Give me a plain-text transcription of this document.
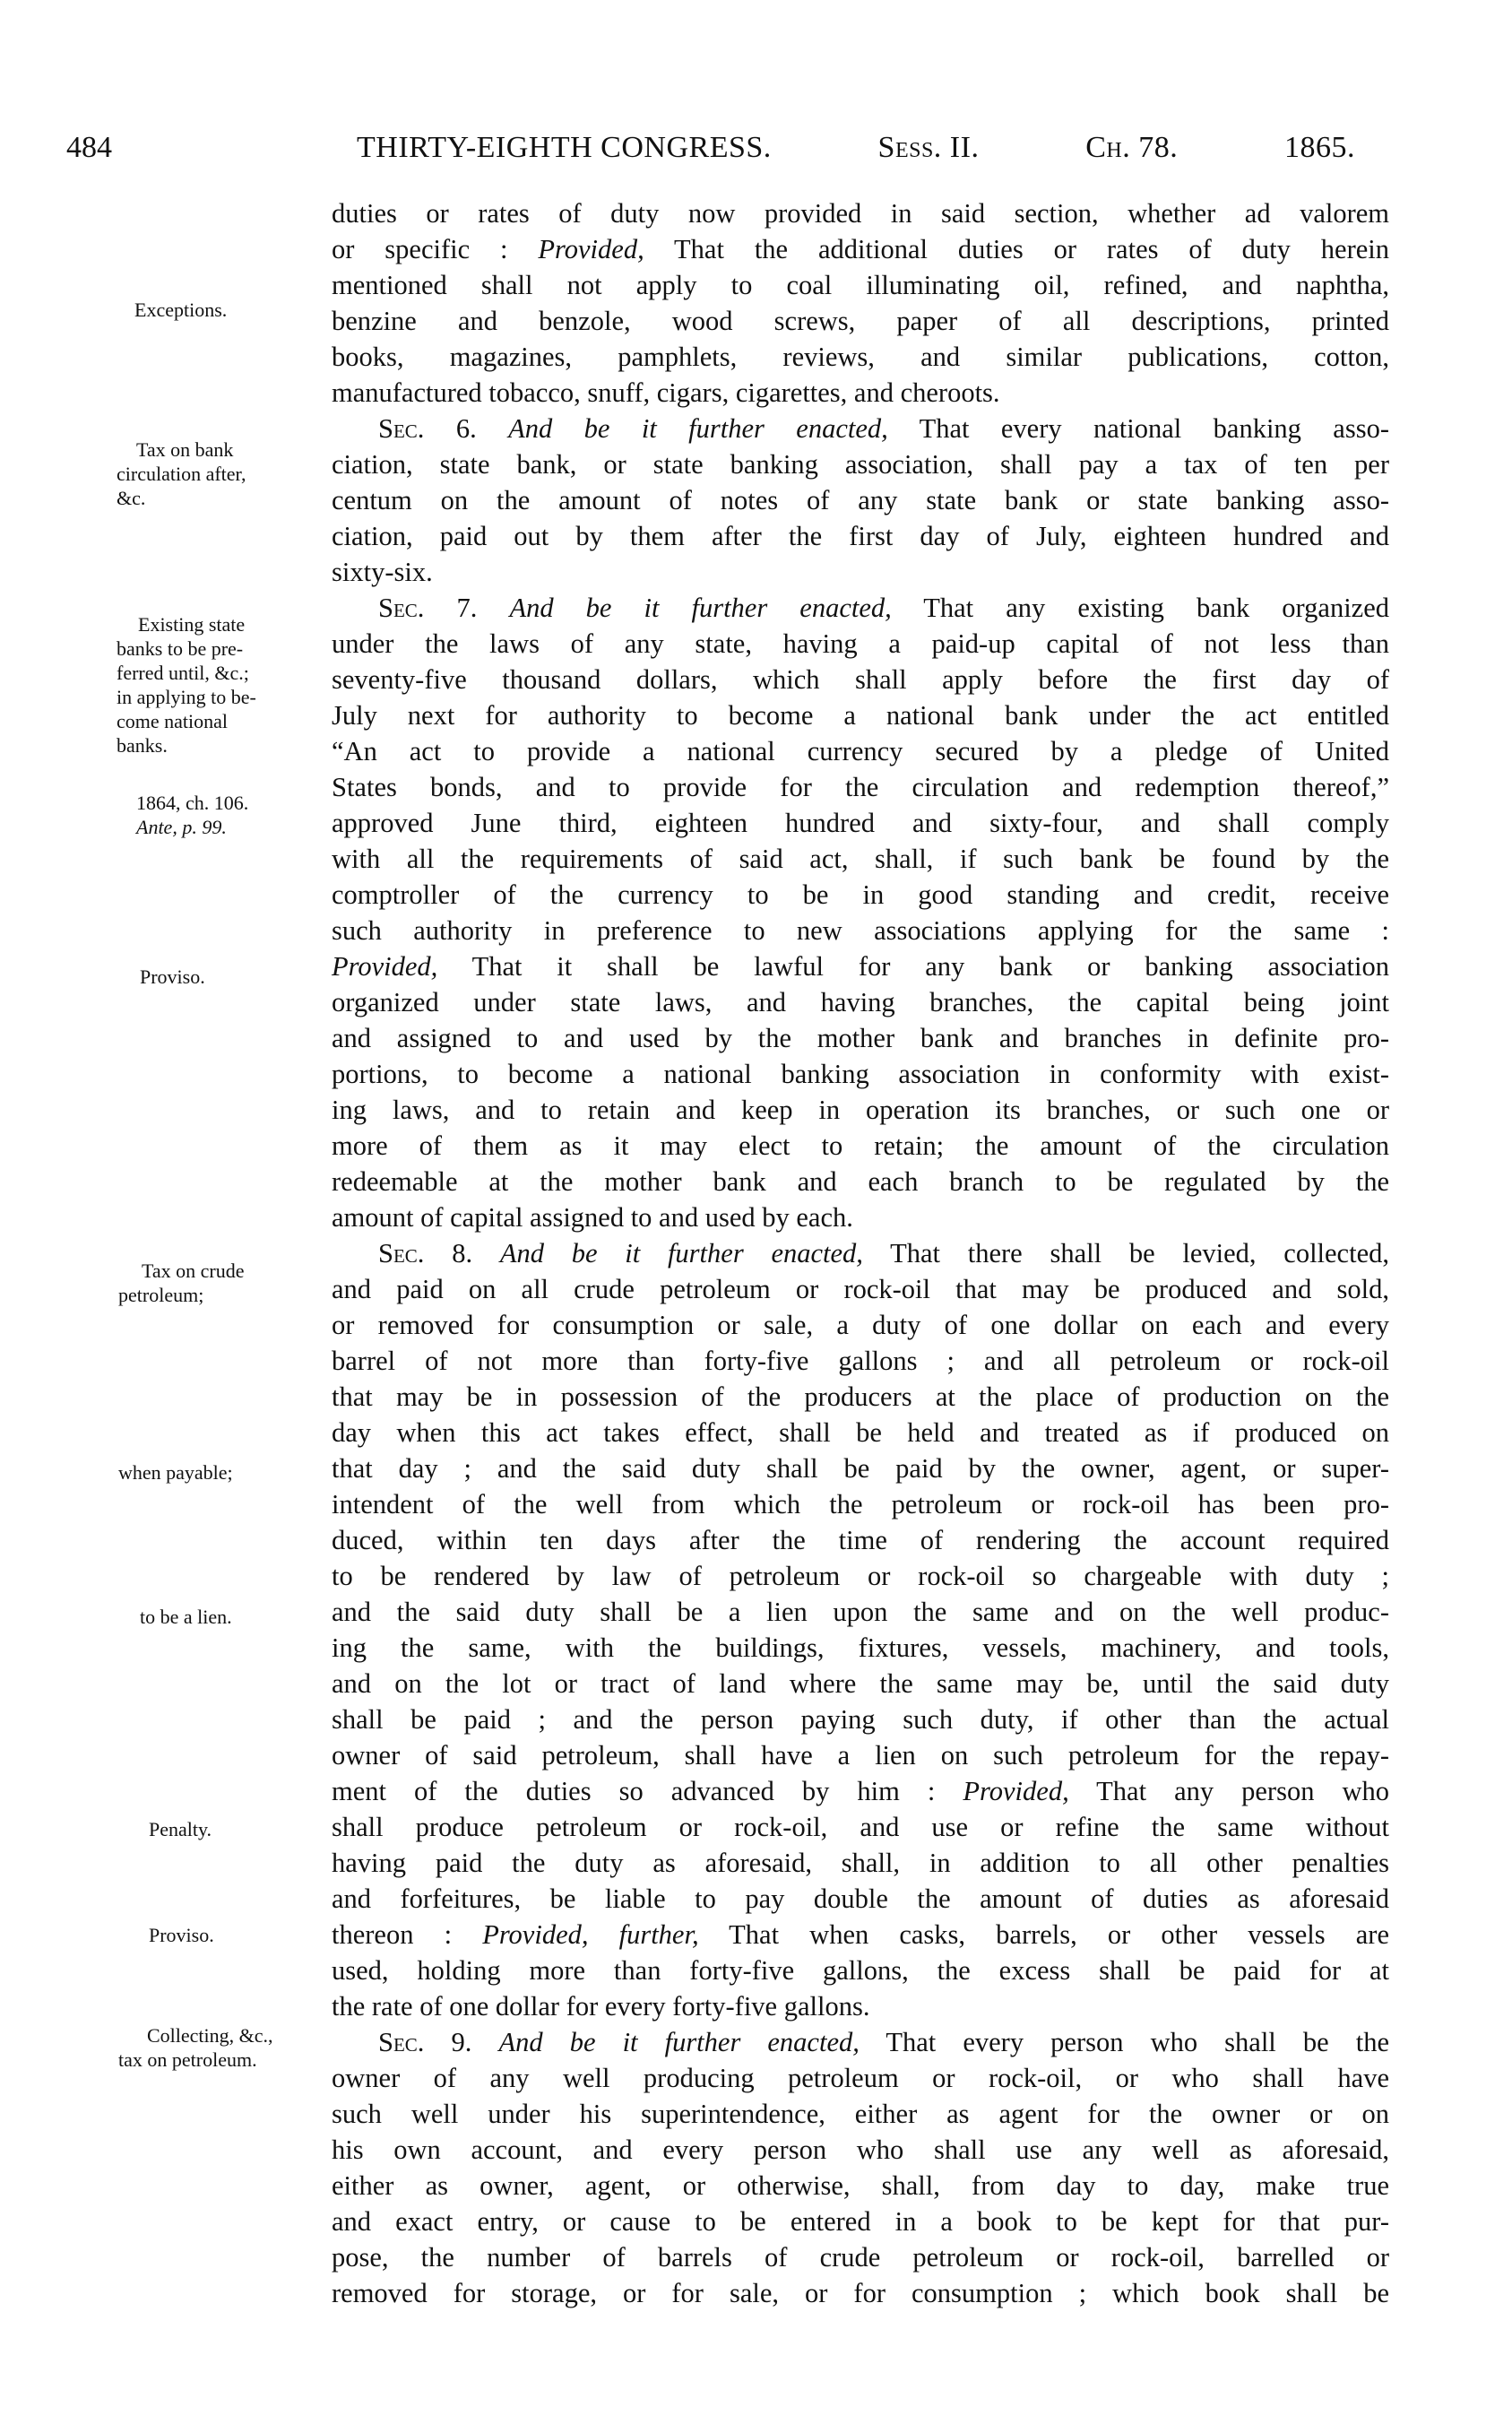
484	THIRTY-EIGHTH CONGRESS.	Sess. II.	Ch. 78.	1865.
duties or rates of duty now provided in said section, whether ad valorem
or specific : Provided, That the additional duties or rates of duty herein
mentioned shall not apply to coal illuminating oil, refined, and naphtha,
benzine and benzole, wood screws, paper of all descriptions, printed
books, magazines, pamphlets, reviews, and similar publications, cotton,
manufactured tobacco, snuff, cigars, cigarettes, and cheroots.
Sec. 6. And be it further enacted, That every national banking asso-
ciation, state bank, or state banking association, shall pay a tax of ten per
centum on the amount of notes of any state bank or state banking asso-
ciation, paid out by them after the first day of July, eighteen hundred and
sixty-six.
Sec. 7. And be it further enacted, That any existing bank organized
under the laws of any state, having a paid-up capital of not less than
seventy-five thousand dollars, which shall apply before the first day of
July next for authority to become a national bank under the act entitled
“An act to provide a national currency secured by a pledge of United
States bonds, and to provide for the circulation and redemption thereof,”
approved June third, eighteen hundred and sixty-four, and shall comply
with all the requirements of said act, shall, if such bank be found by the
comptroller of the currency to be in good standing and credit, receive
such authority in preference to new associations applying for the same :
Provided, That it shall be lawful for any bank or banking association
organized under state laws, and having branches, the capital being joint
and assigned to and used by the mother bank and branches in definite pro-
portions, to become a national banking association in conformity with exist-
ing laws, and to retain and keep in operation its branches, or such one or
more of them as it may elect to retain; the amount of the circulation
redeemable at the mother bank and each branch to be regulated by the
amount of capital assigned to and used by each.
Sec. 8. And be it further enacted, That there shall be levied, collected,
and paid on all crude petroleum or rock-oil that may be produced and sold,
or removed for consumption or sale, a duty of one dollar on each and every
barrel of not more than forty-five gallons ; and all petroleum or rock-oil
that may be in possession of the producers at the place of production on the
day when this act takes effect, shall be held and treated as if produced on
that day ; and the said duty shall be paid by the owner, agent, or super-
intendent of the well from which the petroleum or rock-oil has been pro-
duced, within ten days after the time of rendering the account required
to be rendered by law of petroleum or rock-oil so chargeable with duty ;
and the said duty shall be a lien upon the same and on the well produc-
ing the same, with the buildings, fixtures, vessels, machinery, and tools,
and on the lot or tract of land where the same may be, until the said duty
shall be paid ; and the person paying such duty, if other than the actual
owner of said petroleum, shall have a lien on such petroleum for the repay-
ment of the duties so advanced by him : Provided, That any person who
shall produce petroleum or rock-oil, and use or refine the same without
having paid the duty as aforesaid, shall, in addition to all other penalties
and forfeitures, be liable to pay double the amount of duties as aforesaid
thereon : Provided, further, That when casks, barrels, or other vessels are
used, holding more than forty-five gallons, the excess shall be paid for at
the rate of one dollar for every forty-five gallons.
Sec. 9. And be it further enacted, That every person who shall be the
owner of any well producing petroleum or rock-oil, or who shall have
such well under his superintendence, either as agent for the owner or on
his own account, and every person who shall use any well as aforesaid,
either as owner, agent, or otherwise, shall, from day to day, make true
and exact entry, or cause to be entered in a book to be kept for that pur-
pose, the number of barrels of crude petroleum or rock-oil, barrelled or
removed for storage, or for sale, or for consumption ; which book shall be
Exceptions.
Tax on bank
circulation after,
&c.
Existing state
banks to be pre-
ferred until, &c.;
in applying to be-
come national
banks.
1864, ch. 106.
Ante, p. 99.
Proviso.
Tax on crude
petroleum;
when payable;
to be a lien.
Penalty.
Proviso.
Collecting, &c.,
tax on petroleum.
